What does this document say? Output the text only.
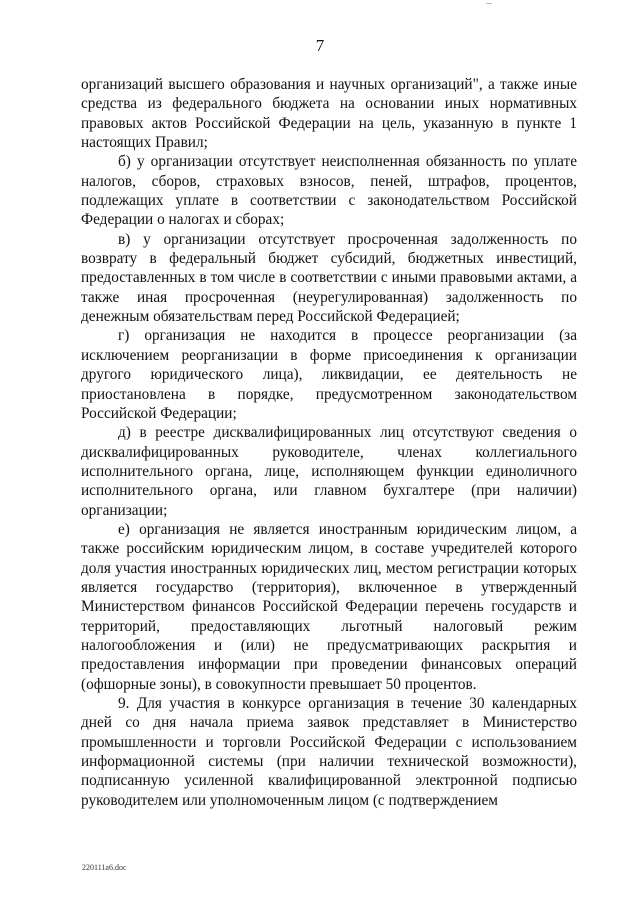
7

организаций высшего образования и научных организаций", а также иные средства из федерального бюджета на основании иных нормативных правовых актов Российской Федерации на цель, указанную в пункте 1 настоящих Правил;

б) у организации отсутствует неисполненная обязанность по уплате налогов, сборов, страховых взносов, пеней, штрафов, процентов, подлежащих уплате в соответствии с законодательством Российской Федерации о налогах и сборах;

в) у организации отсутствует просроченная задолженность по возврату в федеральный бюджет субсидий, бюджетных инвестиций, предоставленных в том числе в соответствии с иными правовыми актами, а также иная просроченная (неурегулированная) задолженность по денежным обязательствам перед Российской Федерацией;

г) организация не находится в процессе реорганизации (за исключением реорганизации в форме присоединения к организации другого юридического лица), ликвидации, ее деятельность не приостановлена в порядке, предусмотренном законодательством Российской Федерации;

д) в реестре дисквалифицированных лиц отсутствуют сведения о дисквалифицированных руководителе, членах коллегиального исполнительного органа, лице, исполняющем функции единоличного исполнительного органа, или главном бухгалтере (при наличии) организации;

е) организация не является иностранным юридическим лицом, а также российским юридическим лицом, в составе учредителей которого доля участия иностранных юридических лиц, местом регистрации которых является государство (территория), включенное в утвержденный Министерством финансов Российской Федерации перечень государств и территорий, предоставляющих льготный налоговый режим налогообложения и (или) не предусматривающих раскрытия и предоставления информации при проведении финансовых операций (офшорные зоны), в совокупности превышает 50 процентов.

9. Для участия в конкурсе организация в течение 30 календарных дней со дня начала приема заявок представляет в Министерство промышленности и торговли Российской Федерации с использованием информационной системы (при наличии технической возможности), подписанную усиленной квалифицированной электронной подписью руководителем или уполномоченным лицом (с подтверждением

220111a6.doc
